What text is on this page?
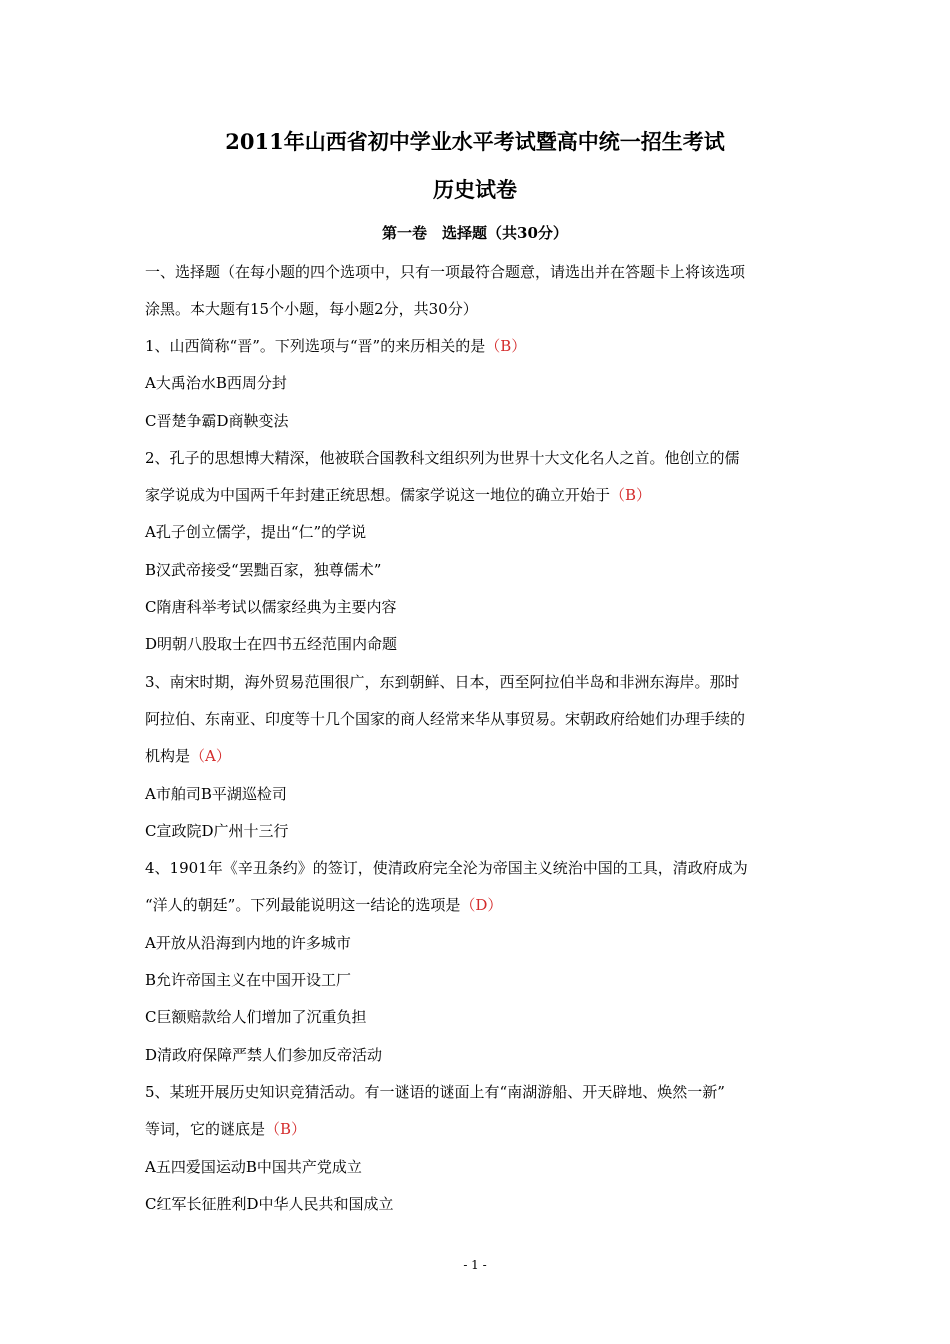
2011年山西省初中学业水平考试暨高中统一招生考试
历史试卷
第一卷　选择题（共30分）
一、选择题（在每小题的四个选项中，只有一项最符合题意，请选出并在答题卡上将该选项
涂黑。本大题有15个小题，每小题2分，共30分）
1、山西简称“晋”。下列选项与“晋”的来历相关的是（B）
A大禹治水B西周分封
C晋楚争霸D商鞅变法
2、孔子的思想博大精深，他被联合国教科文组织列为世界十大文化名人之首。他创立的儒
家学说成为中国两千年封建正统思想。儒家学说这一地位的确立开始于（B）
A孔子创立儒学，提出“仁”的学说
B汉武帝接受“罢黜百家，独尊儒术”
C隋唐科举考试以儒家经典为主要内容
D明朝八股取士在四书五经范围内命题
3、南宋时期，海外贸易范围很广，东到朝鲜、日本，西至阿拉伯半岛和非洲东海岸。那时
阿拉伯、东南亚、印度等十几个国家的商人经常来华从事贸易。宋朝政府给她们办理手续的
机构是（A）
A市舶司B平湖巡检司
C宣政院D广州十三行
4、1901年《辛丑条约》的签订，使清政府完全沦为帝国主义统治中国的工具，清政府成为
“洋人的朝廷”。下列最能说明这一结论的选项是（D）
A开放从沿海到内地的许多城市
B允许帝国主义在中国开设工厂
C巨额赔款给人们增加了沉重负担
D清政府保障严禁人们参加反帝活动
5、某班开展历史知识竞猜活动。有一谜语的谜面上有“南湖游船、开天辟地、焕然一新”
等词，它的谜底是（B）
A五四爱国运动B中国共产党成立
C红军长征胜利D中华人民共和国成立
- 1 -
